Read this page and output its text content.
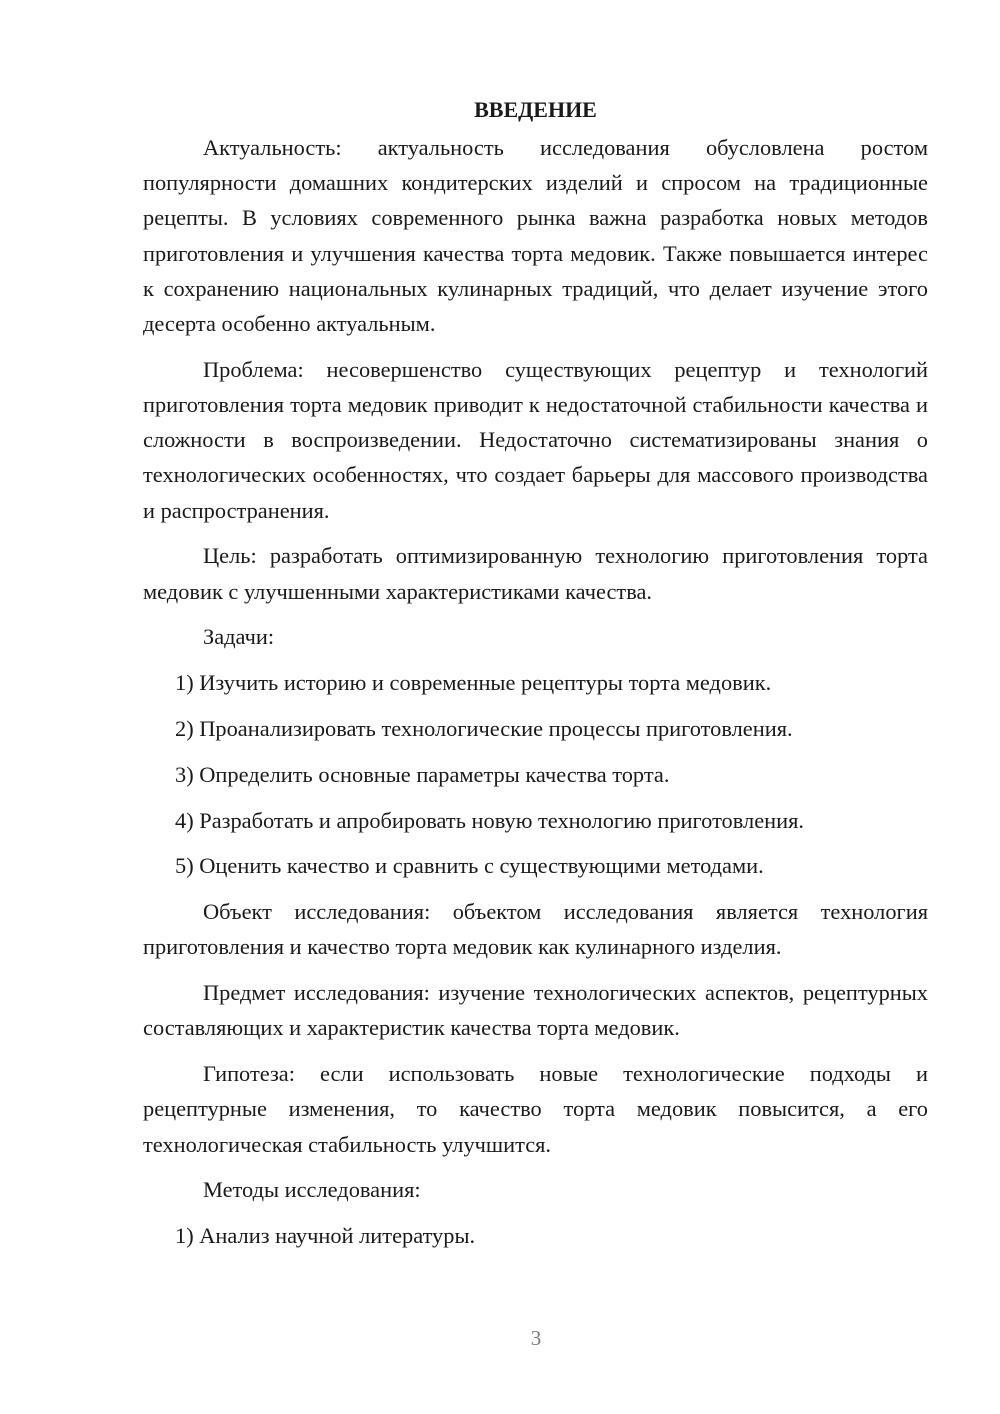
ВВЕДЕНИЕ

Актуальность: актуальность исследования обусловлена ростом популярности домашних кондитерских изделий и спросом на традиционные рецепты. В условиях современного рынка важна разработка новых методов приготовления и улучшения качества торта медовик. Также повышается интерес к сохранению национальных кулинарных традиций, что делает изучение этого десерта особенно актуальным.

Проблема: несовершенство существующих рецептур и технологий приготовления торта медовик приводит к недостаточной стабильности качества и сложности в воспроизведении. Недостаточно систематизированы знания о технологических особенностях, что создает барьеры для массового производства и распространения.

Цель: разработать оптимизированную технологию приготовления торта медовик с улучшенными характеристиками качества.

Задачи:

1) Изучить историю и современные рецептуры торта медовик.
2) Проанализировать технологические процессы приготовления.
3) Определить основные параметры качества торта.
4) Разработать и апробировать новую технологию приготовления.
5) Оценить качество и сравнить с существующими методами.

Объект исследования: объектом исследования является технология приготовления и качество торта медовик как кулинарного изделия.

Предмет исследования: изучение технологических аспектов, рецептурных составляющих и характеристик качества торта медовик.

Гипотеза: если использовать новые технологические подходы и рецептурные изменения, то качество торта медовик повысится, а его технологическая стабильность улучшится.

Методы исследования:

1) Анализ научной литературы.
3
